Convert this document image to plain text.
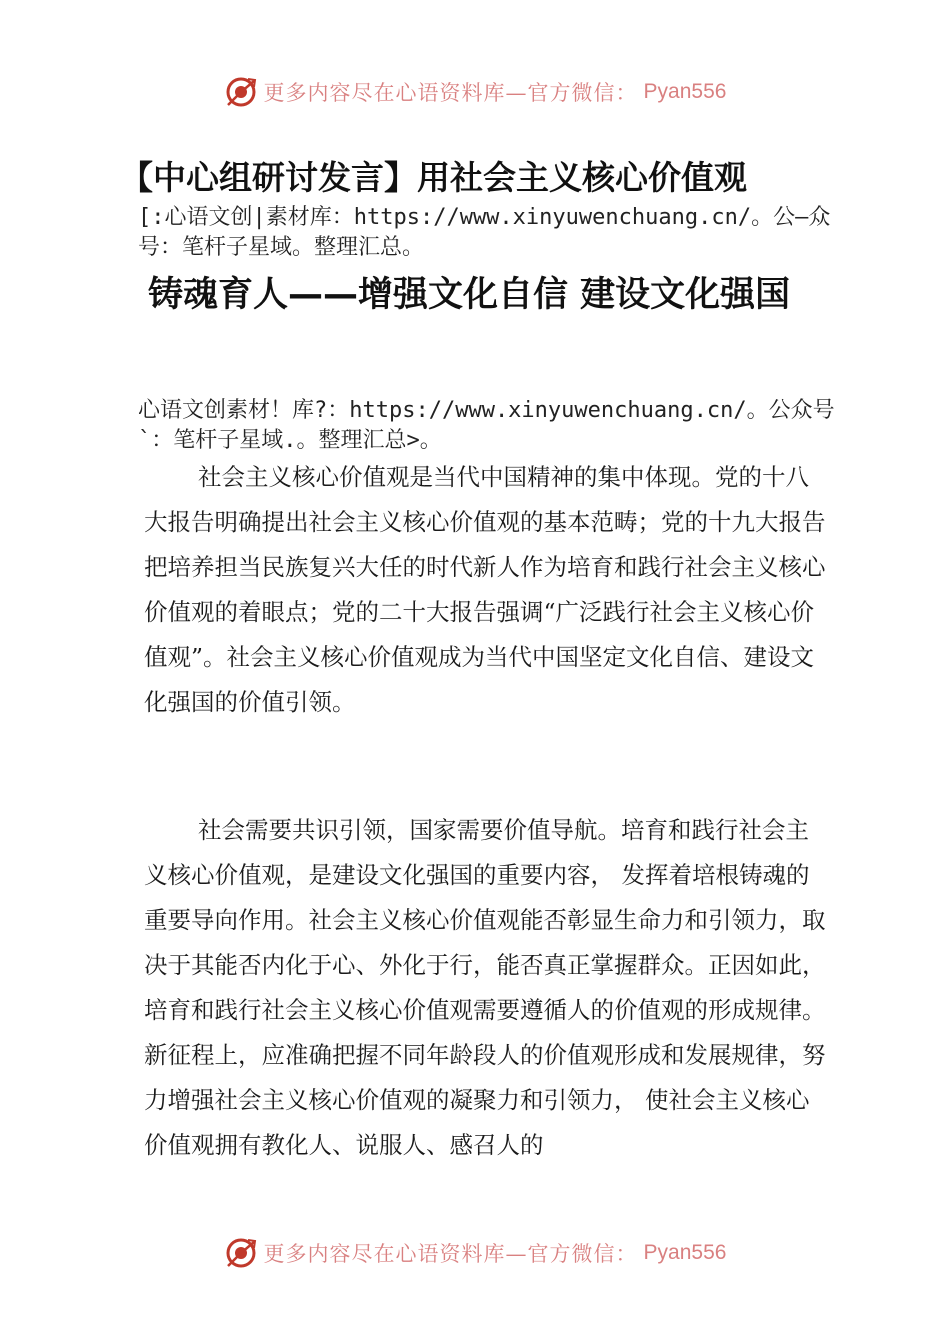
更多内容尽在心语资料库—官方微信： Pyan556
【中心组研讨发言】用社会主义核心价值观
[:心语文创|素材库：https://www.xinyuwenchuang.cn/。公—众号：笔杆子星域。整理汇总。
铸魂育人——增强文化自信 建设文化强国
心语文创素材！库?：https://www.xinyuwenchuang.cn/。公众号`：笔杆子星域.。整理汇总>。

社会主义核心价值观是当代中国精神的集中体现。党的十八大报告明确提出社会主义核心价值观的基本范畴；党的十九大报告把培养担当民族复兴大任的时代新人作为培育和践行社会主义核心价值观的着眼点；党的二十大报告强调“广泛践行社会主义核心价值观”。社会主义核心价值观成为当代中国坚定文化自信、建设文化强国的价值引领。

社会需要共识引领，国家需要价值导航。培育和践行社会主义核心价值观，是建设文化强国的重要内容， 发挥着培根铸魂的重要导向作用。社会主义核心价值观能否彰显生命力和引领力，取决于其能否内化于心、外化于行，能否真正掌握群众。正因如此，培育和践行社会主义核心价值观需要遵循人的价值观的形成规律。新征程上，应准确把握不同年龄段人的价值观形成和发展规律，努力增强社会主义核心价值观的凝聚力和引领力， 使社会主义核心价值观拥有教化人、说服人、感召人的

更多内容尽在心语资料库—官方微信： Pyan556
